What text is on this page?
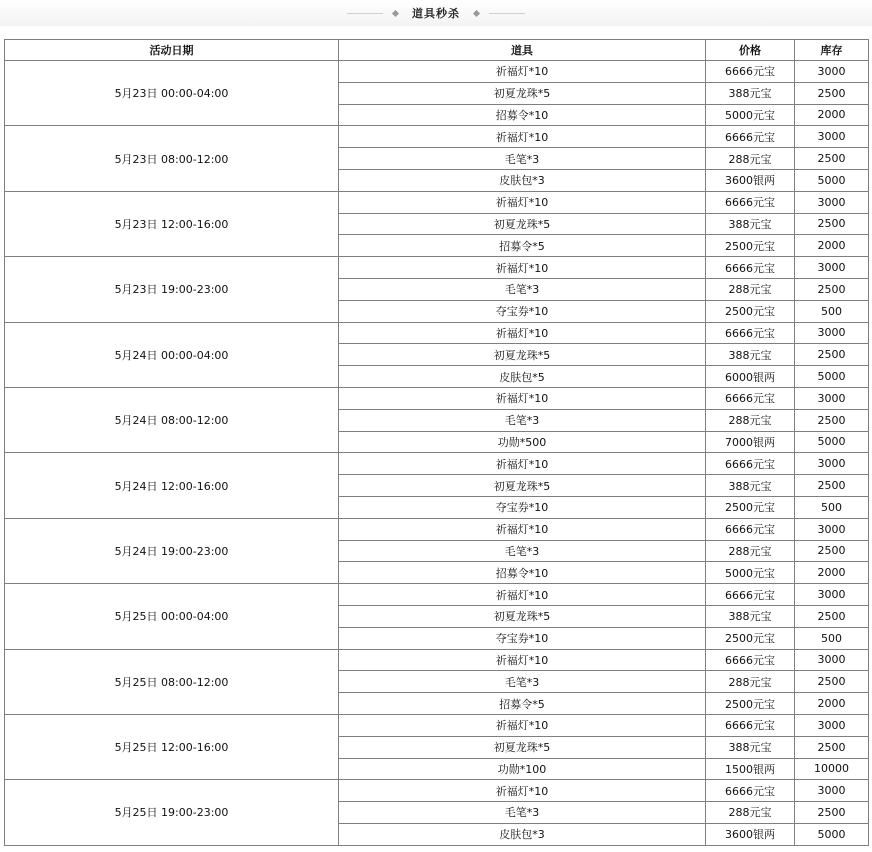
道具秒杀
活动日期	道具	价格	库存
5月23日 00:00-04:00	祈福灯*10	6666元宝	3000
	初夏龙珠*5	388元宝	2500
	招募令*10	5000元宝	2000
5月23日 08:00-12:00	祈福灯*10	6666元宝	3000
	毛笔*3	288元宝	2500
	皮肤包*3	3600银两	5000
5月23日 12:00-16:00	祈福灯*10	6666元宝	3000
	初夏龙珠*5	388元宝	2500
	招募令*5	2500元宝	2000
5月23日 19:00-23:00	祈福灯*10	6666元宝	3000
	毛笔*3	288元宝	2500
	夺宝券*10	2500元宝	500
5月24日 00:00-04:00	祈福灯*10	6666元宝	3000
	初夏龙珠*5	388元宝	2500
	皮肤包*5	6000银两	5000
5月24日 08:00-12:00	祈福灯*10	6666元宝	3000
	毛笔*3	288元宝	2500
	功勋*500	7000银两	5000
5月24日 12:00-16:00	祈福灯*10	6666元宝	3000
	初夏龙珠*5	388元宝	2500
	夺宝券*10	2500元宝	500
5月24日 19:00-23:00	祈福灯*10	6666元宝	3000
	毛笔*3	288元宝	2500
	招募令*10	5000元宝	2000
5月25日 00:00-04:00	祈福灯*10	6666元宝	3000
	初夏龙珠*5	388元宝	2500
	夺宝券*10	2500元宝	500
5月25日 08:00-12:00	祈福灯*10	6666元宝	3000
	毛笔*3	288元宝	2500
	招募令*5	2500元宝	2000
5月25日 12:00-16:00	祈福灯*10	6666元宝	3000
	初夏龙珠*5	388元宝	2500
	功勋*100	1500银两	10000
5月25日 19:00-23:00	祈福灯*10	6666元宝	3000
	毛笔*3	288元宝	2500
	皮肤包*3	3600银两	5000
